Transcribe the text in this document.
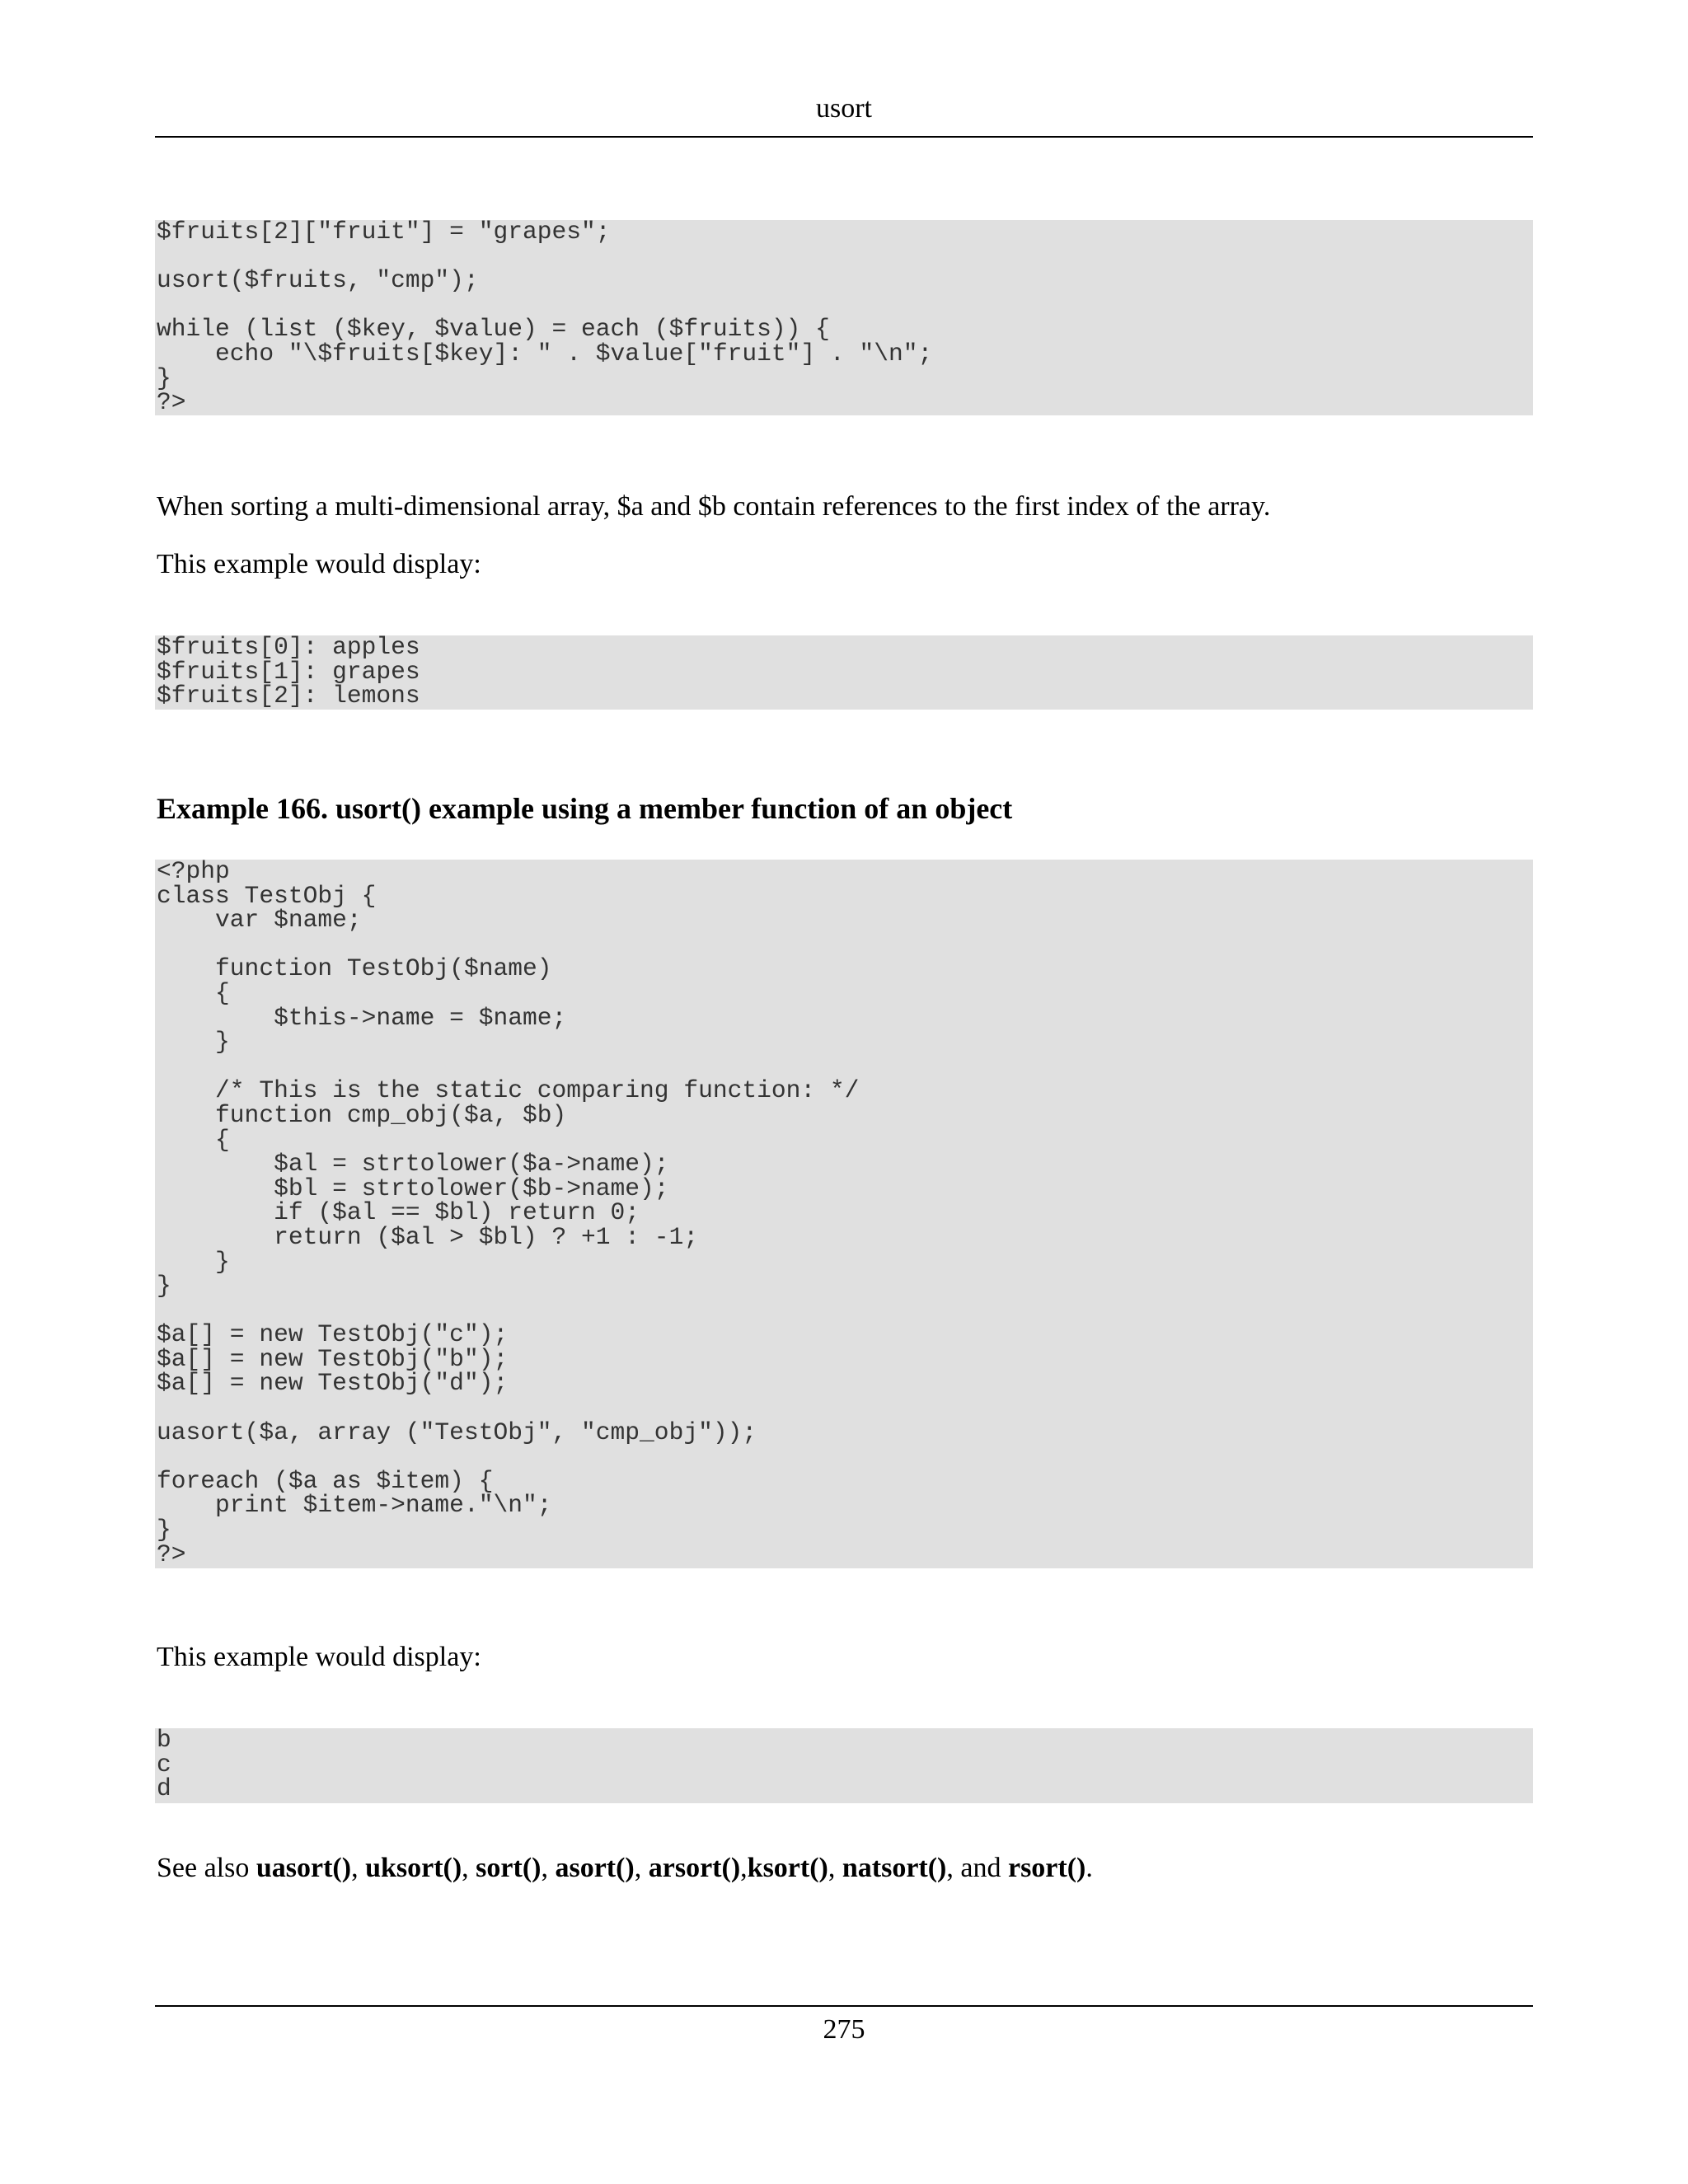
usort
$fruits[2]["fruit"] = "grapes";

usort($fruits, "cmp");

while (list ($key, $value) = each ($fruits)) {
echo "\$fruits[$key]: " . $value["fruit"] . "\n";
}
?>
When sorting a multi-dimensional array, $a and $b contain references to the first index of the array.
This example would display:
$fruits[0]: apples
$fruits[1]: grapes
$fruits[2]: lemons
Example 166. usort() example using a member function of an object
<?php
class TestObj {
var $name;

function TestObj($name)
{
$this->name = $name;
}

/* This is the static comparing function: */
function cmp_obj($a, $b)
{
$al = strtolower($a->name);
$bl = strtolower($b->name);
if ($al == $bl) return 0;
return ($al > $bl) ? +1 : -1;
}
}

$a[] = new TestObj("c");
$a[] = new TestObj("b");
$a[] = new TestObj("d");

uasort($a, array ("TestObj", "cmp_obj"));

foreach ($a as $item) {
print $item->name."\n";
}
?>
This example would display:
b
c
d
See also uasort(), uksort(), sort(), asort(), arsort(),ksort(), natsort(), and rsort().
275
